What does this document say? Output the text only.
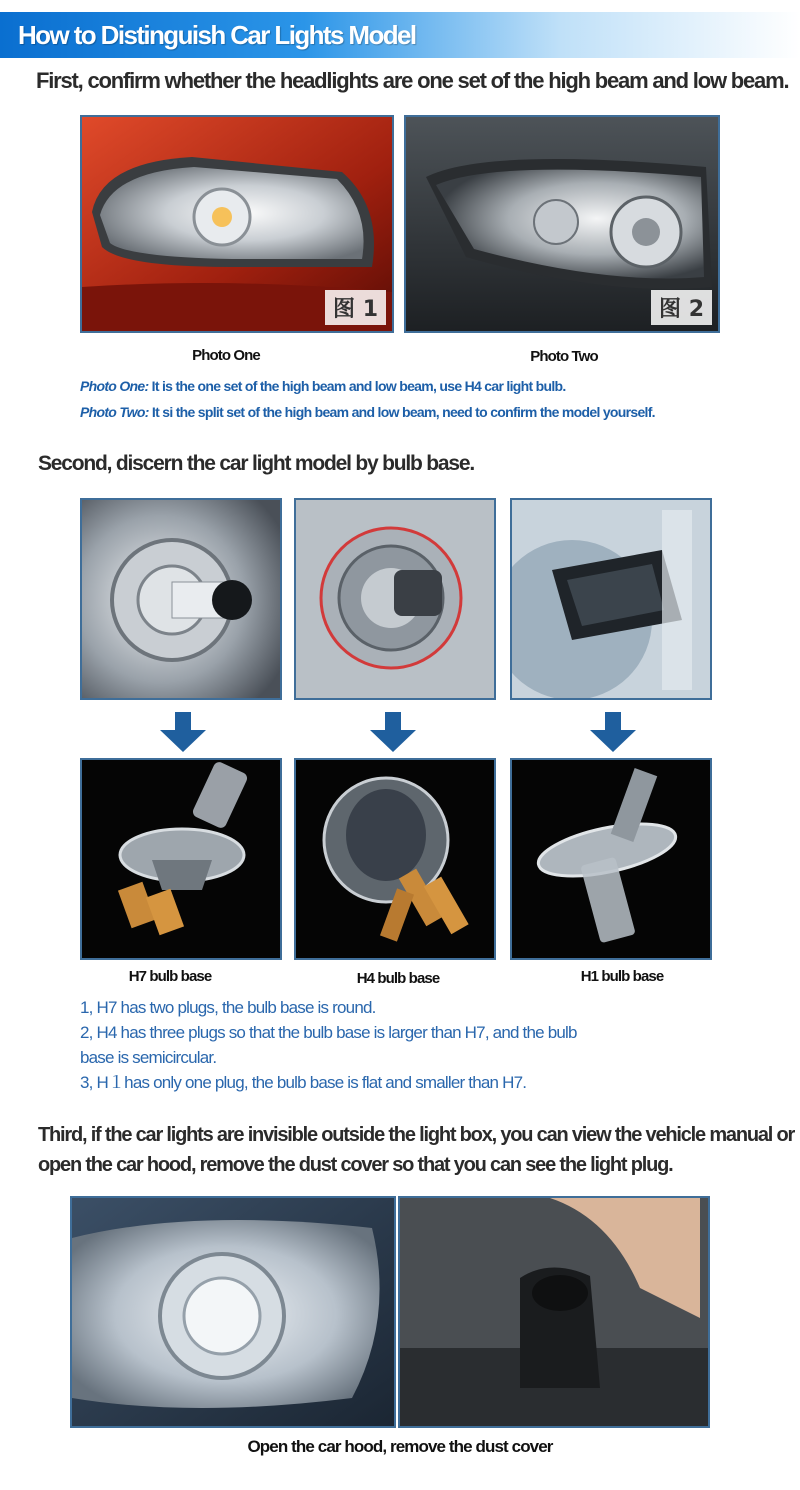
How to Distinguish Car Lights Model
First, confirm whether the headlights are one set of the high beam and low beam.
图 1	图 2
Photo One	Photo Two
Photo One: It is the one set of the high beam and low beam, use H4 car light bulb.
Photo Two: It si the split set of the high beam and low beam, need to confirm the model yourself.
Second, discern the car light model by bulb base.
H7 bulb base	H4 bulb base	H1 bulb base
1, H7 has two plugs, the bulb base is round.
2, H4 has three plugs so that the bulb base is larger than H7, and the bulb
base is semicircular.
3, H１has only one plug, the bulb base is flat and smaller than H7.
Third, if the car lights are invisible outside the light box, you can view the vehicle manual or open the car hood, remove the dust cover so that you can see the light plug.
Open the car hood, remove the dust cover
